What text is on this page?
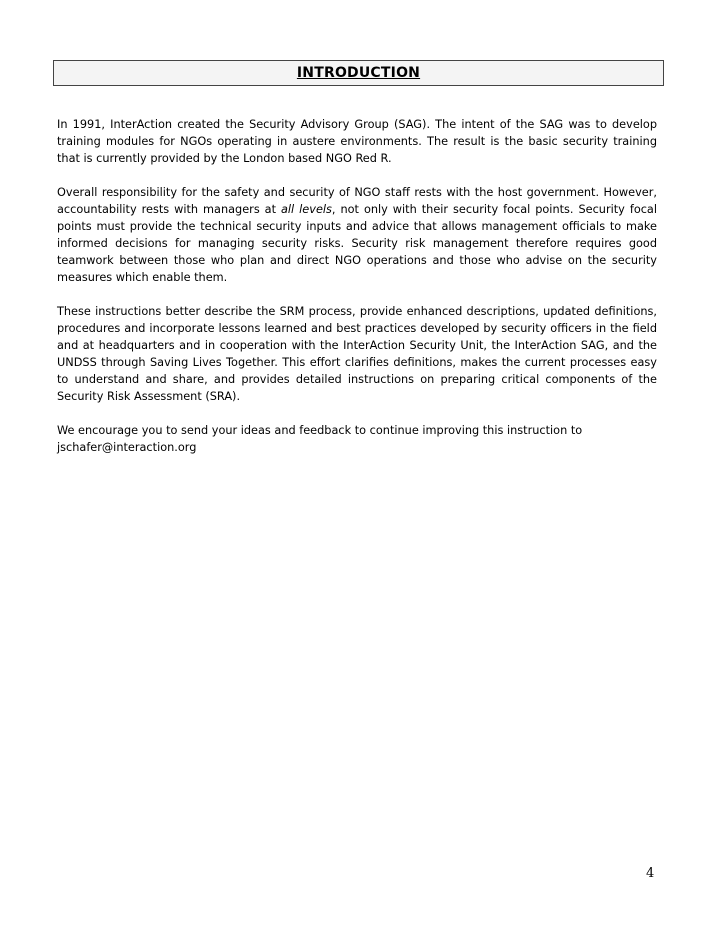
INTRODUCTION

In 1991, InterAction created the Security Advisory Group (SAG). The intent of the SAG was to develop training modules for NGOs operating in austere environments. The result is the basic security training that is currently provided by the London based NGO Red R.

Overall responsibility for the safety and security of NGO staff rests with the host government. However, accountability rests with managers at all levels, not only with their security focal points. Security focal points must provide the technical security inputs and advice that allows management officials to make informed decisions for managing security risks. Security risk management therefore requires good teamwork between those who plan and direct NGO operations and those who advise on the security measures which enable them.

These instructions better describe the SRM process, provide enhanced descriptions, updated definitions, procedures and incorporate lessons learned and best practices developed by security officers in the field and at headquarters and in cooperation with the InterAction Security Unit, the InterAction SAG, and the UNDSS through Saving Lives Together. This effort clarifies definitions, makes the current processes easy to understand and share, and provides detailed instructions on preparing critical components of the Security Risk Assessment (SRA).

We encourage you to send your ideas and feedback to continue improving this instruction to
jschafer@interaction.org

4
